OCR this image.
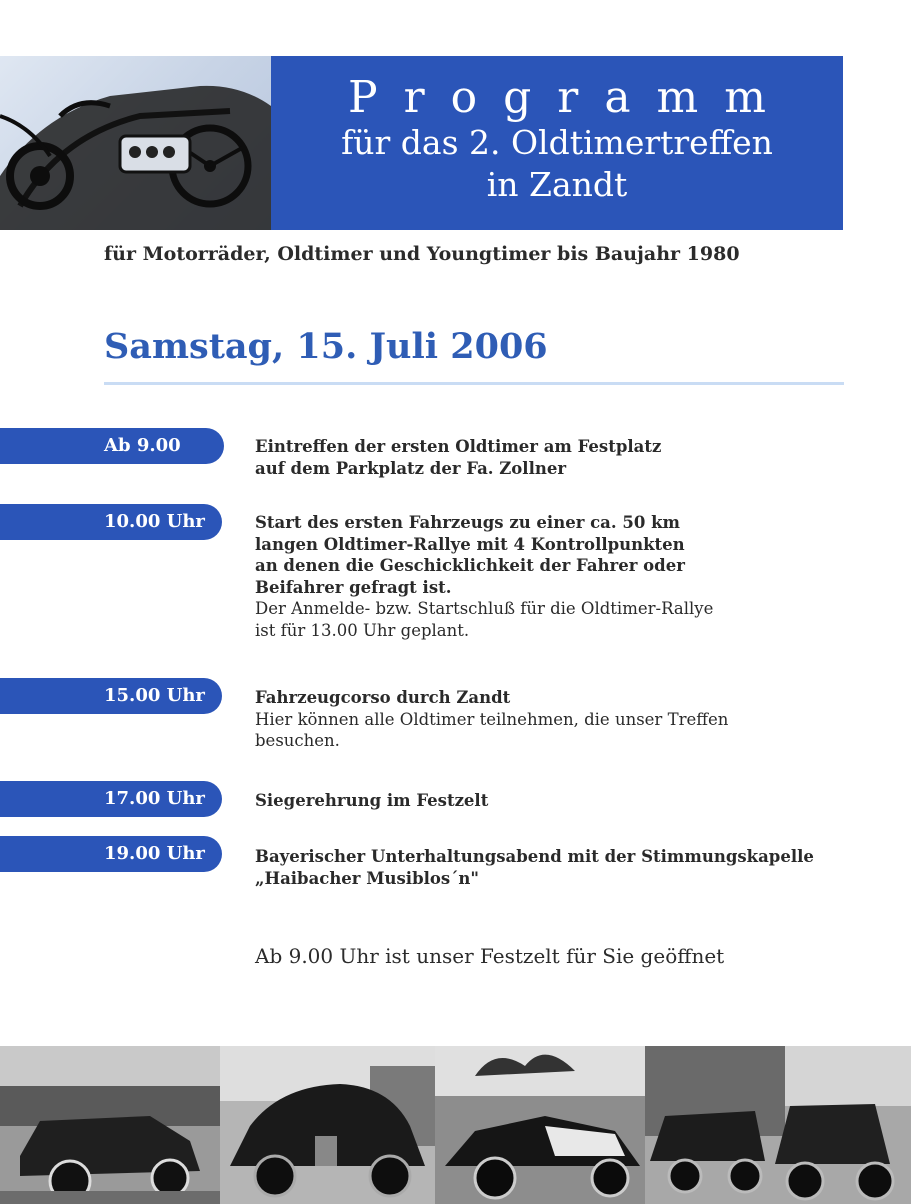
Programm
für das 2. Oldtimertreffen
in Zandt
für Motorräder, Oldtimer und Youngtimer bis Baujahr 1980
Samstag, 15. Juli 2006
Ab 9.00 Uhr
Eintreffen der ersten Oldtimer am Festplatz
auf dem Parkplatz der Fa. Zollner
10.00 Uhr	Start des ersten Fahrzeugs zu einer ca. 50 km
langen Oldtimer-Rallye mit 4 Kontrollpunkten
an denen die Geschicklichkeit der Fahrer oder
Beifahrer gefragt ist.
Der Anmelde- bzw. Startschluß für die Oldtimer-Rallye
ist für 13.00 Uhr geplant.
15.00 Uhr	Fahrzeugcorso durch Zandt
Hier können alle Oldtimer teilnehmen, die unser Treffen
besuchen.
17.00 Uhr	Siegerehrung im Festzelt
19.00 Uhr	Bayerischer Unterhaltungsabend mit der Stimmungskapelle
„Haibacher Musiblos´n"
Ab 9.00 Uhr ist unser Festzelt für Sie geöffnet
